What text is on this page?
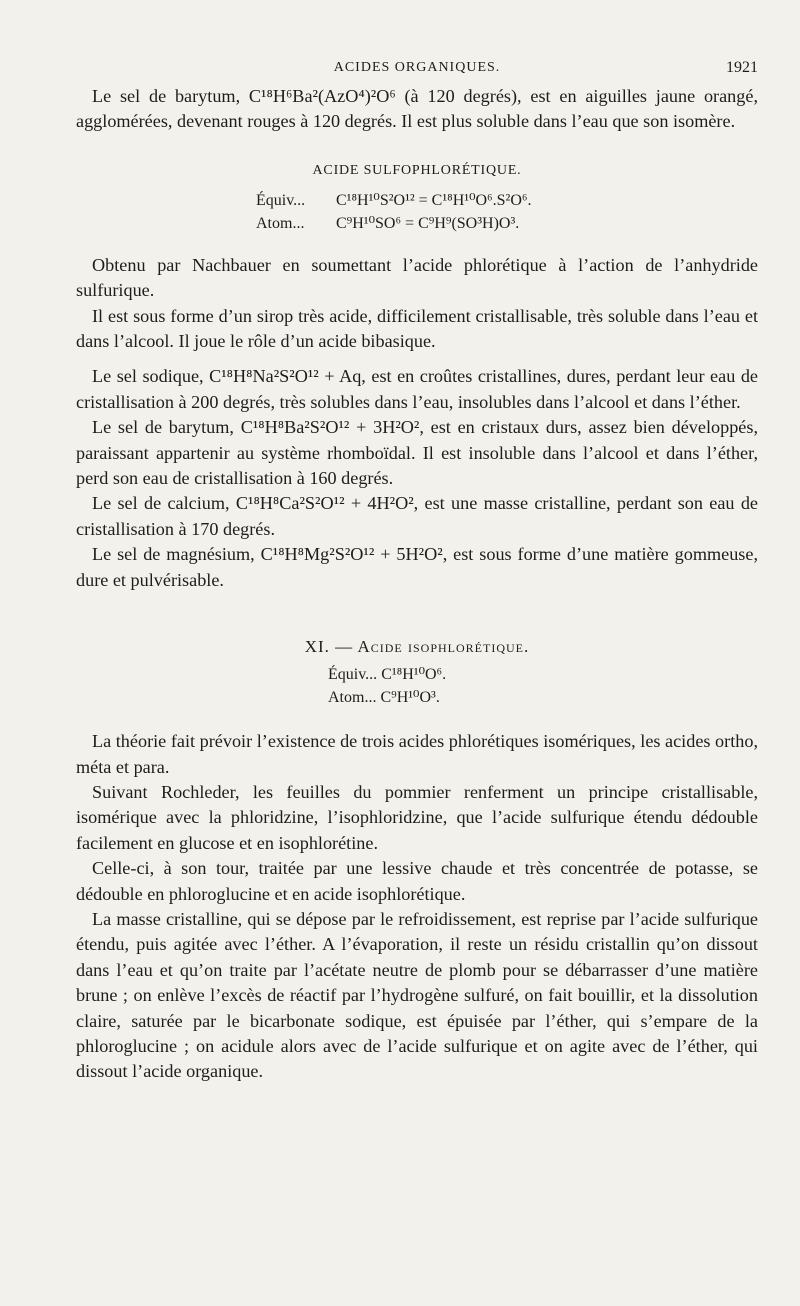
ACIDES ORGANIQUES.	1921

Le sel de barytum, C¹⁸H⁶Ba²(AzO⁴)²O⁶ (à 120 degrés), est en aiguilles jaune orangé, agglomérées, devenant rouges à 120 degrés. Il est plus soluble dans l’eau que son isomère.

ACIDE SULFOPHLORÉTIQUE.
Équiv... C¹⁸H¹⁰S²O¹² = C¹⁸H¹⁰O⁶.S²O⁶.
Atom... C⁹H¹⁰SO⁶ = C⁹H⁹(SO³H)O³.

Obtenu par Nachbauer en soumettant l’acide phlorétique à l’action de l’anhydride sulfurique.

Il est sous forme d’un sirop très acide, difficilement cristallisable, très soluble dans l’eau et dans l’alcool. Il joue le rôle d’un acide bibasique.

Le sel sodique, C¹⁸H⁸Na²S²O¹² + Aq, est en croûtes cristallines, dures, perdant leur eau de cristallisation à 200 degrés, très solubles dans l’eau, insolubles dans l’alcool et dans l’éther.

Le sel de barytum, C¹⁸H⁸Ba²S²O¹² + 3H²O², est en cristaux durs, assez bien développés, paraissant appartenir au système rhomboïdal. Il est insoluble dans l’alcool et dans l’éther, perd son eau de cristallisation à 160 degrés.

Le sel de calcium, C¹⁸H⁸Ca²S²O¹² + 4H²O², est une masse cristalline, perdant son eau de cristallisation à 170 degrés.

Le sel de magnésium, C¹⁸H⁸Mg²S²O¹² + 5H²O², est sous forme d’une matière gommeuse, dure et pulvérisable.

XI. — Acide isophlorétique.
Équiv... C¹⁸H¹⁰O⁶.
Atom... C⁹H¹⁰O³.

La théorie fait prévoir l’existence de trois acides phlorétiques isomériques, les acides ortho, méta et para.

Suivant Rochleder, les feuilles du pommier renferment un principe cristallisable, isomérique avec la phloridzine, l’isophloridzine, que l’acide sulfurique étendu dédouble facilement en glucose et en isophlorétine.

Celle-ci, à son tour, traitée par une lessive chaude et très concentrée de potasse, se dédouble en phloroglucine et en acide isophlorétique.

La masse cristalline, qui se dépose par le refroidissement, est reprise par l’acide sulfurique étendu, puis agitée avec l’éther. A l’évaporation, il reste un résidu cristallin qu’on dissout dans l’eau et qu’on traite par l’acétate neutre de plomb pour se débarrasser d’une matière brune ; on enlève l’excès de réactif par l’hydrogène sulfuré, on fait bouillir, et la dissolution claire, saturée par le bicarbonate sodique, est épuisée par l’éther, qui s’empare de la phloroglucine ; on acidule alors avec de l’acide sulfurique et on agite avec de l’éther, qui dissout l’acide organique.
